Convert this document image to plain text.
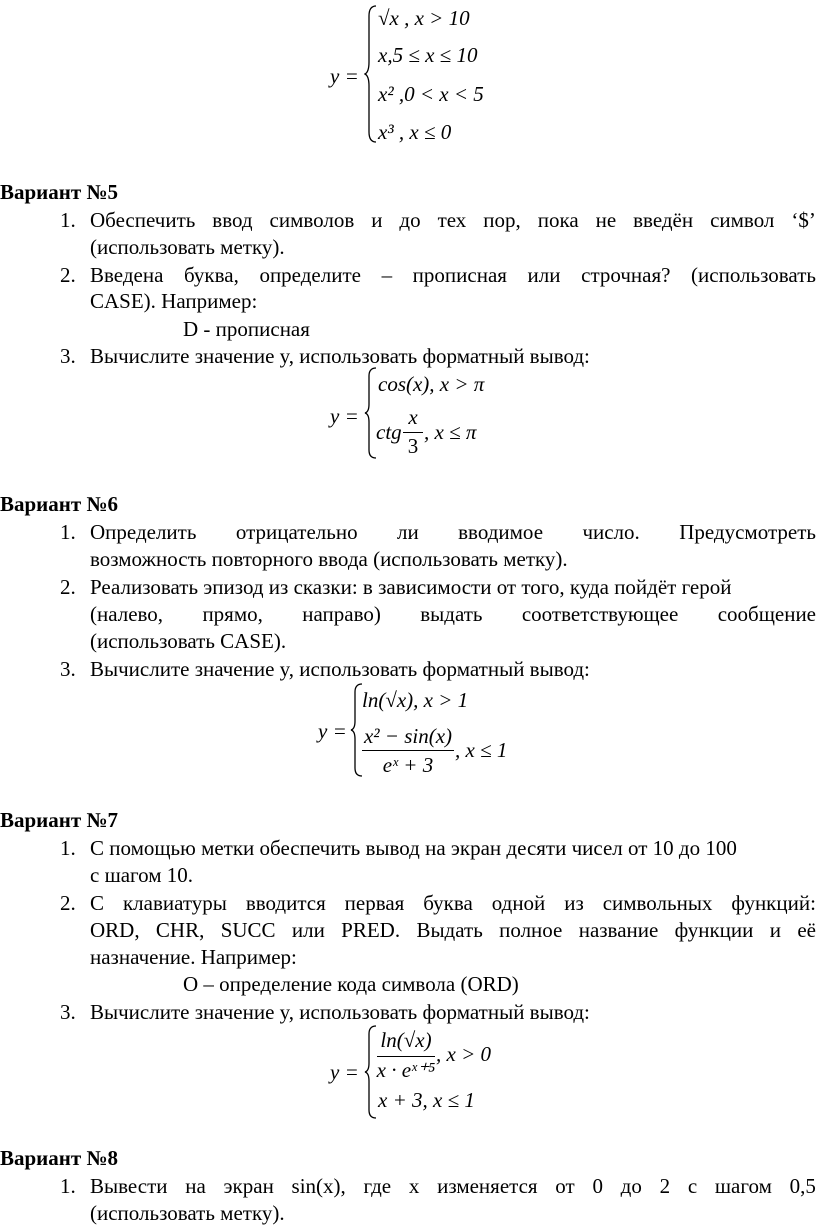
y =
√x , x > 10
x,5 ≤ x ≤ 10
x² ,0 < x < 5
x³ , x ≤ 0
Вариант №5
1. Обеспечить ввод символов и до тех пор, пока не введён символ ‘$’
(использовать метку).
2. Введена буква, определите – прописная или строчная? (использовать
CASE). Например:
D - прописная
3. Вычислите значение y, использовать форматный вывод:
y =
cos(x), x > π
ctg
x
3
, x ≤ π
Вариант №6
1. Определить отрицательно ли вводимое число. Предусмотреть
возможность повторного ввода (использовать метку).
2. Реализовать эпизод из сказки: в зависимости от того, куда пойдёт герой
(налево, прямо, направо) выдать соответствующее сообщение
(использовать CASE).
3. Вычислите значение y, использовать форматный вывод:
y =
ln(√x), x > 1
x² − sin(x)
eˣ + 3
, x ≤ 1
Вариант №7
1. С помощью метки обеспечить вывод на экран десяти чисел от 10 до 100
с шагом 10.
2. С клавиатуры вводится первая буква одной из символьных функций:
ORD, CHR, SUCC или PRED. Выдать полное название функции и её
назначение. Например:
О – определение кода символа (ORD)
3. Вычислите значение y, использовать форматный вывод:
y =
ln(√x)
x · eˣ⁺⁵
, x > 0
x + 3, x ≤ 1
Вариант №8
1. Вывести на экран sin(x), где x изменяется от 0 до 2 с шагом 0,5
(использовать метку).
